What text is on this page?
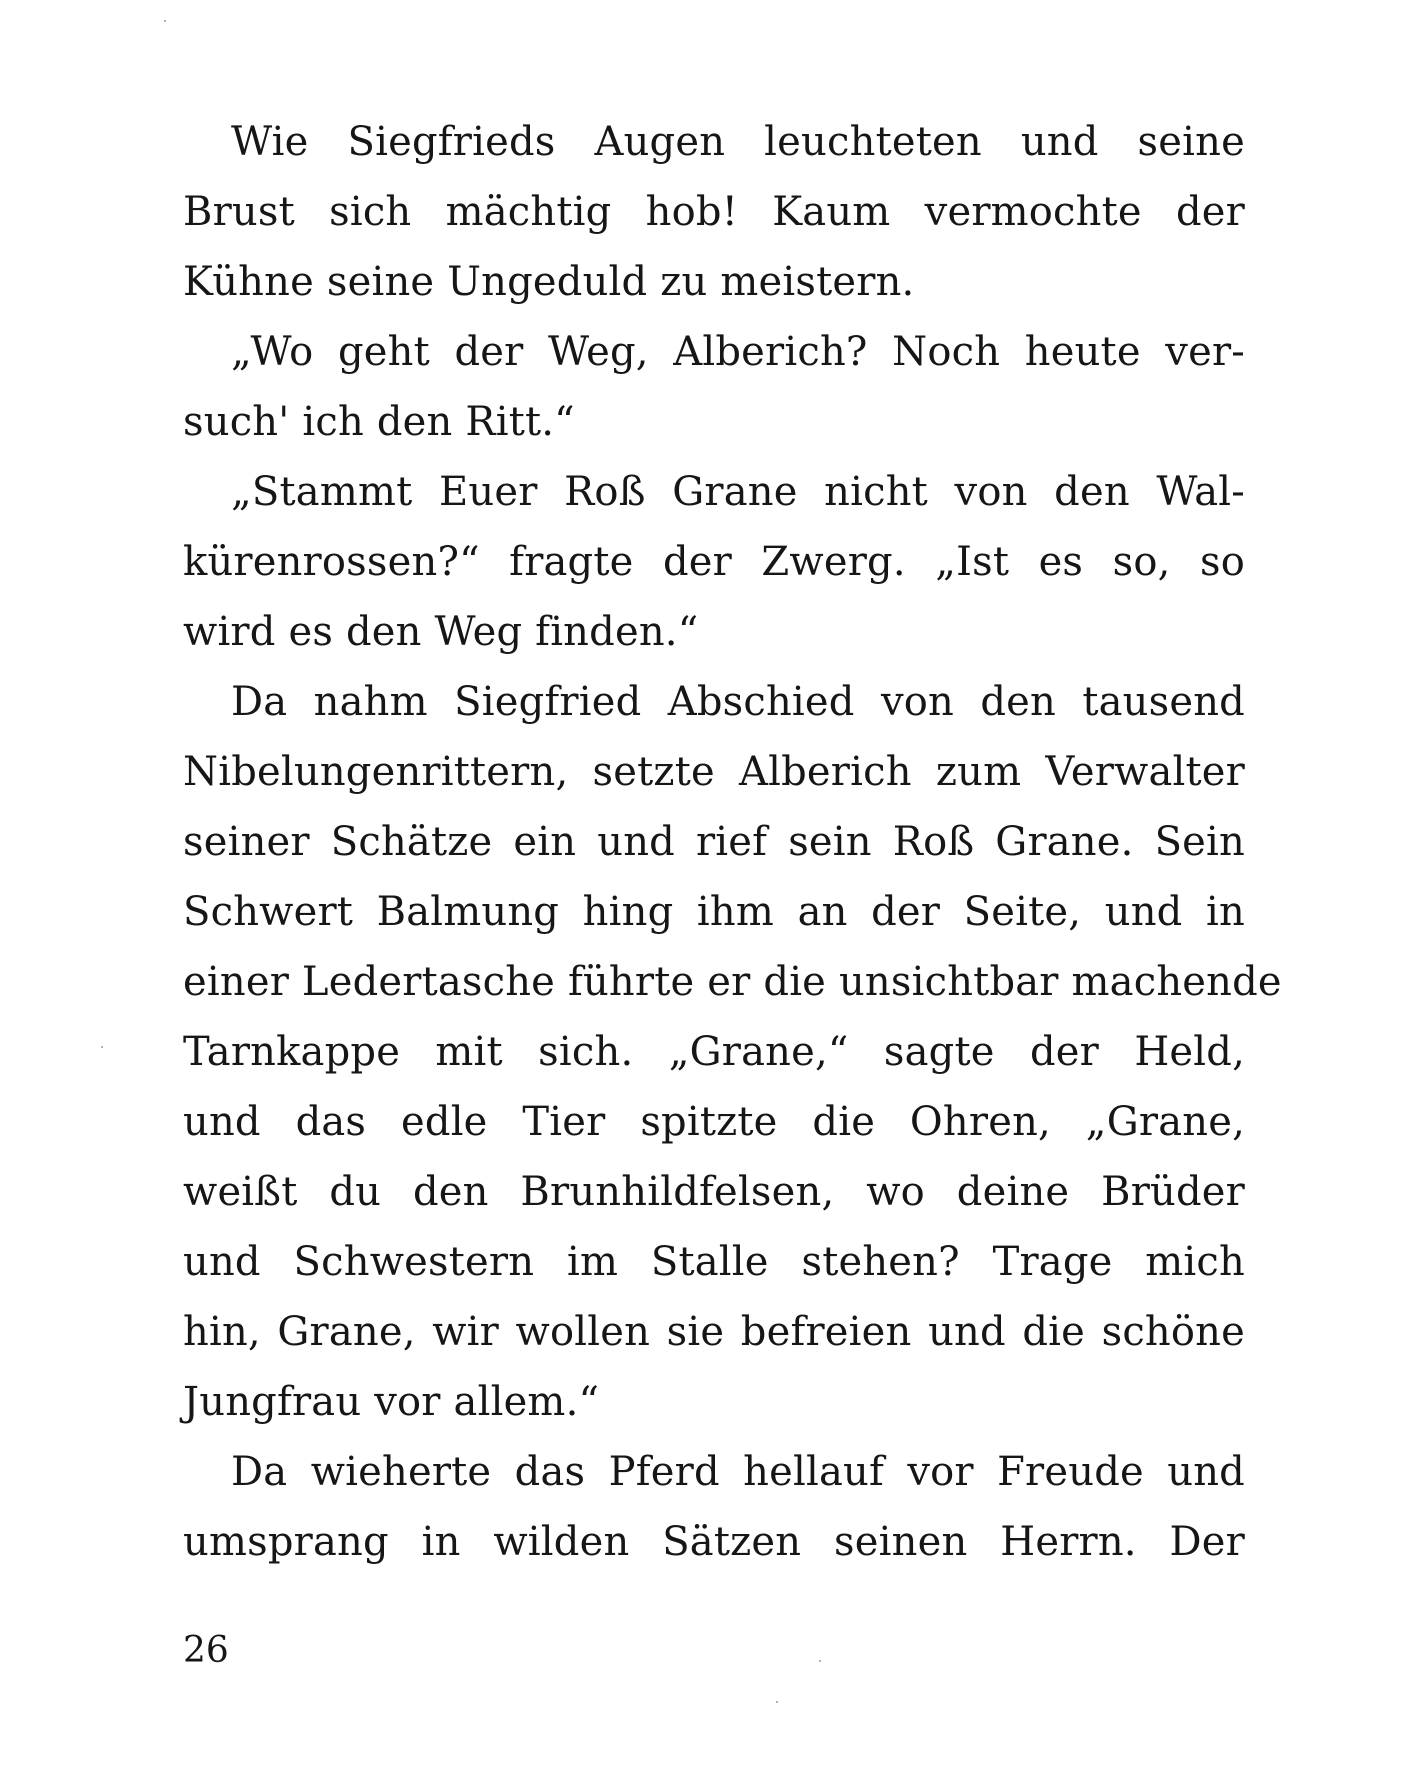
Wie Siegfrieds Augen leuchteten und seine
Brust sich mächtig hob! Kaum vermochte der
Kühne seine Ungeduld zu meistern.
„Wo geht der Weg, Alberich? Noch heute ver-
such' ich den Ritt.“
„Stammt Euer Roß Grane nicht von den Wal-
kürenrossen?“ fragte der Zwerg. „Ist es so, so
wird es den Weg finden.“
Da nahm Siegfried Abschied von den tausend
Nibelungenrittern, setzte Alberich zum Verwalter
seiner Schätze ein und rief sein Roß Grane. Sein
Schwert Balmung hing ihm an der Seite, und in
einer Ledertasche führte er die unsichtbar machende
Tarnkappe mit sich. „Grane,“ sagte der Held,
und das edle Tier spitzte die Ohren, „Grane,
weißt du den Brunhildfelsen, wo deine Brüder
und Schwestern im Stalle stehen? Trage mich
hin, Grane, wir wollen sie befreien und die schöne
Jungfrau vor allem.“
Da wieherte das Pferd hellauf vor Freude und
umsprang in wilden Sätzen seinen Herrn. Der
26
